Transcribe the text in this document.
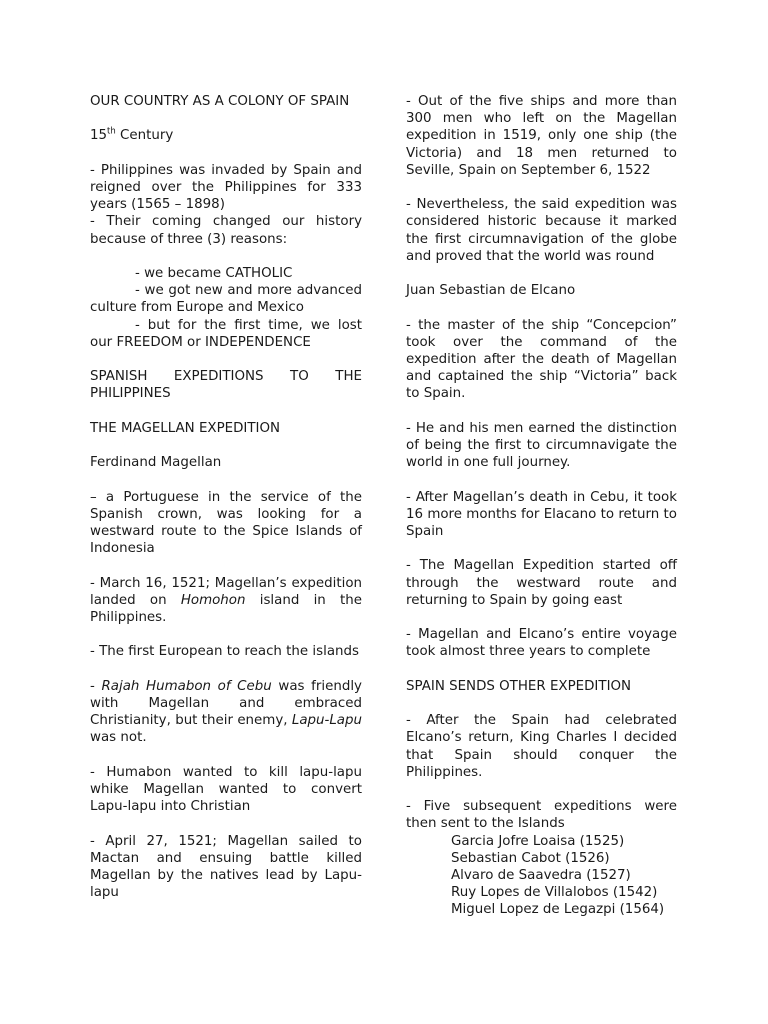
OUR COUNTRY AS A COLONY OF SPAIN

15th Century

- Philippines was invaded by Spain and reigned over the Philippines for 333 years (1565 – 1898)

- Their coming changed our history because of three (3) reasons:

- we became CATHOLIC

- we got new and more advanced culture from Europe and Mexico

- but for the first time, we lost our FREEDOM or INDEPENDENCE

SPANISH EXPEDITIONS TO THE PHILIPPINES

THE MAGELLAN EXPEDITION

Ferdinand Magellan

– a Portuguese in the service of the Spanish crown, was looking for a westward route to the Spice Islands of Indonesia

- March 16, 1521; Magellan’s expedition landed on Homohon island in the Philippines.

- The first European to reach the islands

- Rajah Humabon of Cebu was friendly with Magellan and embraced Christianity, but their enemy, Lapu-Lapu was not.

- Humabon wanted to kill lapu-lapu whike Magellan wanted to convert Lapu-lapu into Christian

- April 27, 1521; Magellan sailed to Mactan and ensuing battle killed Magellan by the natives lead by Lapu-lapu

- Out of the five ships and more than 300 men who left on the Magellan expedition in 1519, only one ship (the Victoria) and 18 men returned to Seville, Spain on September 6, 1522

- Nevertheless, the said expedition was considered historic because it marked the first circumnavigation of the globe and proved that the world was round

Juan Sebastian de Elcano

- the master of the ship “Concepcion” took over the command of the expedition after the death of Magellan and captained the ship “Victoria” back to Spain.

- He and his men earned the distinction of being the first to circumnavigate the world in one full journey.

- After Magellan’s death in Cebu, it took 16 more months for Elacano to return to Spain

- The Magellan Expedition started off through the westward route and returning to Spain by going east

- Magellan and Elcano’s entire voyage took almost three years to complete

SPAIN SENDS OTHER EXPEDITION

- After the Spain had celebrated Elcano’s return, King Charles I decided that Spain should conquer the Philippines.

- Five subsequent expeditions were then sent to the Islands

Garcia Jofre Loaisa (1525)
Sebastian Cabot (1526)
Alvaro de Saavedra (1527)
Ruy Lopes de Villalobos (1542)
Miguel Lopez de Legazpi (1564)
